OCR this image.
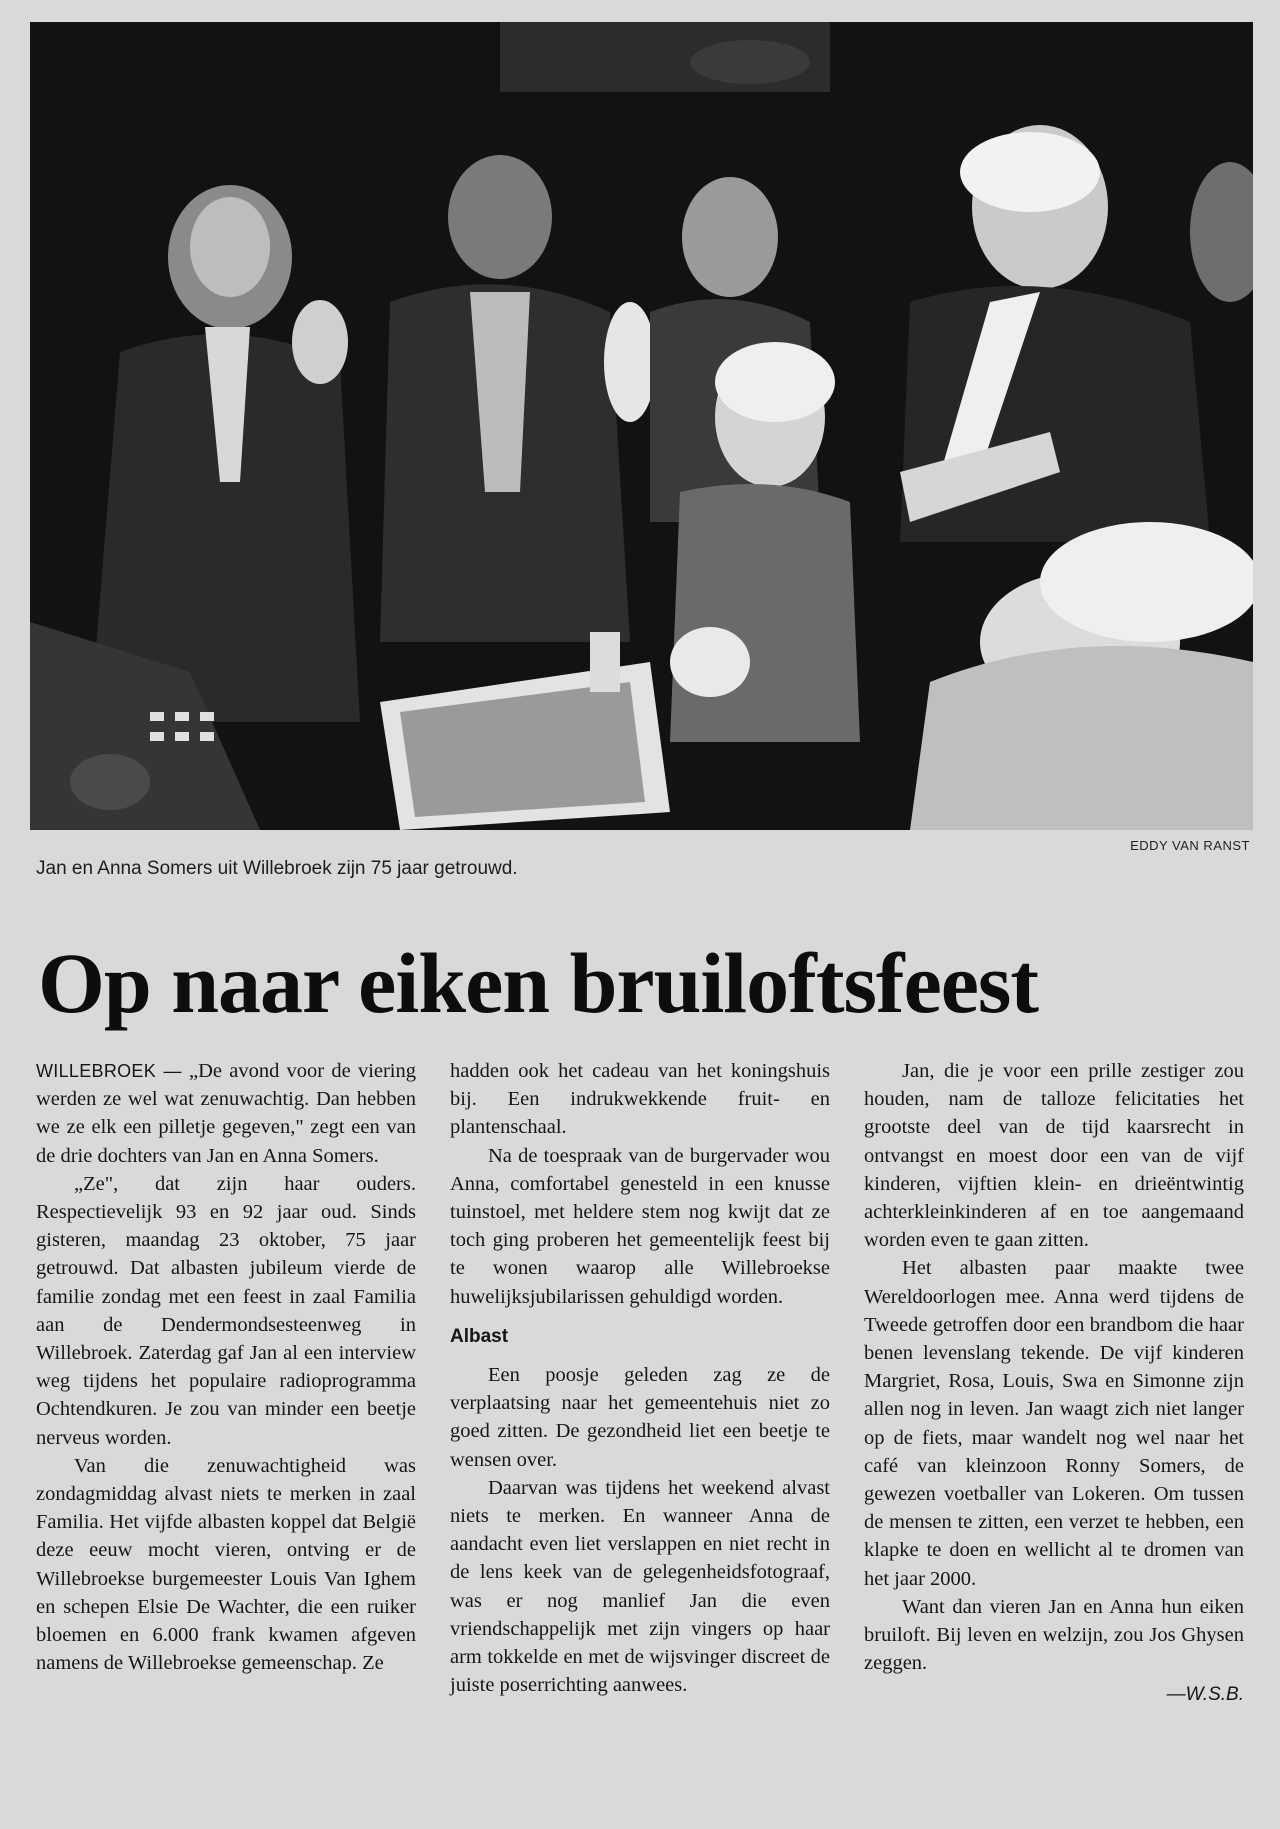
EDDY VAN RANST
Jan en Anna Somers uit Willebroek zijn 75 jaar getrouwd.
Op naar eiken bruiloftsfeest

WILLEBROEK — „De avond voor de viering werden ze wel wat zenuwachtig. Dan hebben we ze elk een pilletje gegeven," zegt een van de drie dochters van Jan en Anna Somers.

„Ze", dat zijn haar ouders. Respectievelijk 93 en 92 jaar oud. Sinds gisteren, maandag 23 oktober, 75 jaar getrouwd. Dat albasten jubileum vierde de familie zondag met een feest in zaal Familia aan de Dendermondsesteenweg in Willebroek. Zaterdag gaf Jan al een interview weg tijdens het populaire radioprogramma Ochtendkuren. Je zou van minder een beetje nerveus worden.

Van die zenuwachtigheid was zondagmiddag alvast niets te merken in zaal Familia. Het vijfde albasten koppel dat België deze eeuw mocht vieren, ontving er de Willebroekse burgemeester Louis Van Ighem en schepen Elsie De Wachter, die een ruiker bloemen en 6.000 frank kwamen afgeven namens de Willebroekse gemeenschap. Ze

hadden ook het cadeau van het koningshuis bij. Een indrukwekkende fruit- en plantenschaal.

Na de toespraak van de burgervader wou Anna, comfortabel genesteld in een knusse tuinstoel, met heldere stem nog kwijt dat ze toch ging proberen het gemeentelijk feest bij te wonen waarop alle Willebroekse huwelijksjubilarissen gehuldigd worden.

Albast

Een poosje geleden zag ze de verplaatsing naar het gemeentehuis niet zo goed zitten. De gezondheid liet een beetje te wensen over.

Daarvan was tijdens het weekend alvast niets te merken. En wanneer Anna de aandacht even liet verslappen en niet recht in de lens keek van de gelegenheidsfotograaf, was er nog manlief Jan die even vriendschappelijk met zijn vingers op haar arm tokkelde en met de wijsvinger discreet de juiste poserrichting aanwees.

Jan, die je voor een prille zestiger zou houden, nam de talloze felicitaties het grootste deel van de tijd kaarsrecht in ontvangst en moest door een van de vijf kinderen, vijftien klein- en drieëntwintig achterkleinkinderen af en toe aangemaand worden even te gaan zitten.

Het albasten paar maakte twee Wereldoorlogen mee. Anna werd tijdens de Tweede getroffen door een brandbom die haar benen levenslang tekende. De vijf kinderen Margriet, Rosa, Louis, Swa en Simonne zijn allen nog in leven. Jan waagt zich niet langer op de fiets, maar wandelt nog wel naar het café van kleinzoon Ronny Somers, de gewezen voetballer van Lokeren. Om tussen de mensen te zitten, een verzet te hebben, een klapke te doen en wellicht al te dromen van het jaar 2000.

Want dan vieren Jan en Anna hun eiken bruiloft. Bij leven en welzijn, zou Jos Ghysen zeggen.

—W.S.B.
